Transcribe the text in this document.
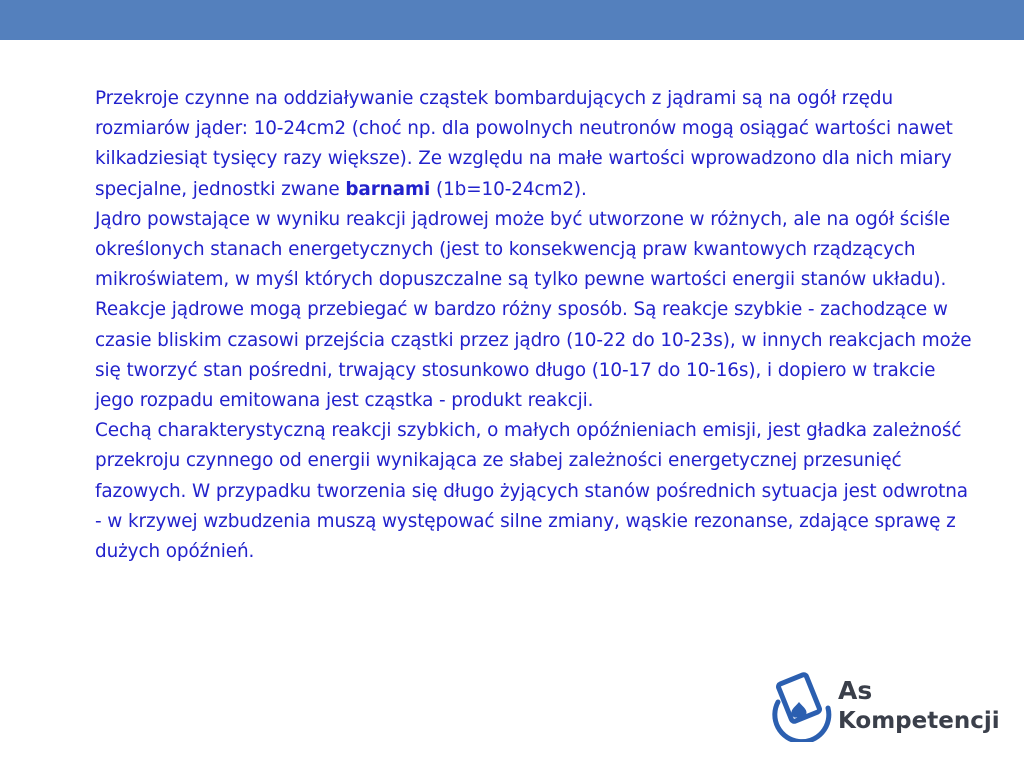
Przekroje czynne na oddziaływanie cząstek bombardujących z jądrami są na ogół rzędu rozmiarów jąder: 10-24cm2 (choć np. dla powolnych neutronów mogą osiągać wartości nawet kilkadziesiąt tysięcy razy większe). Ze względu na małe wartości wprowadzono dla nich miary specjalne, jednostki zwane barnami (1b=10-24cm2).

Jądro powstające w wyniku reakcji jądrowej może być utworzone w różnych, ale na ogół ściśle określonych stanach energetycznych (jest to konsekwencją praw kwantowych rządzących mikroświatem, w myśl których dopuszczalne są tylko pewne wartości energii stanów układu).

Reakcje jądrowe mogą przebiegać w bardzo różny sposób. Są reakcje szybkie - zachodzące w czasie bliskim czasowi przejścia cząstki przez jądro (10-22 do 10-23s), w innych reakcjach może się tworzyć stan pośredni, trwający stosunkowo długo (10-17 do 10-16s), i dopiero w trakcie jego rozpadu emitowana jest cząstka - produkt reakcji.

Cechą charakterystyczną reakcji szybkich, o małych opóźnieniach emisji, jest gładka zależność przekroju czynnego od energii wynikająca ze słabej zależności energetycznej przesunięć fazowych. W przypadku tworzenia się długo żyjących stanów pośrednich sytuacja jest odwrotna - w krzywej wzbudzenia muszą występować silne zmiany, wąskie rezonanse, zdające sprawę z dużych opóźnień.

As
Kompetencji
